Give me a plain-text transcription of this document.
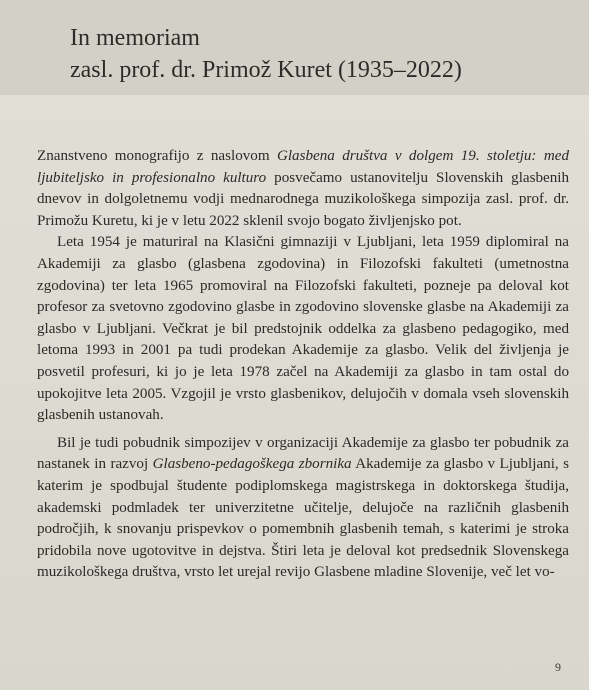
In memoriam
zasl. prof. dr. Primož Kuret (1935–2022)

Znanstveno monografijo z naslovom Glasbena društva v dolgem 19. stoletju: med ljubiteljsko in profesionalno kulturo posvečamo ustanovitelju Slovenskih glasbenih dnevov in dolgoletnemu vodji mednarodnega muzikološkega simpozija zasl. prof. dr. Primožu Kuretu, ki je v letu 2022 sklenil svojo bogato življenjsko pot.

Leta 1954 je maturiral na Klasični gimnaziji v Ljubljani, leta 1959 diplomiral na Akademiji za glasbo (glasbena zgodovina) in Filozofski fakulteti (umetnostna zgodovina) ter leta 1965 promoviral na Filozofski fakulteti, pozneje pa deloval kot profesor za svetovno zgodovino glasbe in zgodovino slovenske glasbe na Akademiji za glasbo v Ljubljani. Večkrat je bil predstojnik oddelka za glasbeno pedagogiko, med letoma 1993 in 2001 pa tudi prodekan Akademije za glasbo. Velik del življenja je posvetil profesuri, ki jo je leta 1978 začel na Akademiji za glasbo in tam ostal do upokojitve leta 2005. Vzgojil je vrsto glasbenikov, delujočih v domala vseh slovenskih glasbenih ustanovah.

Bil je tudi pobudnik simpozijev v organizaciji Akademije za glasbo ter pobudnik za nastanek in razvoj Glasbeno-pedagoškega zbornika Akademije za glasbo v Ljubljani, s katerim je spodbujal študente podiplomskega magistrskega in doktorskega študija, akademski podmladek ter univerzitetne učitelje, delujoče na različnih glasbenih področjih, k snovanju prispevkov o pomembnih glasbenih temah, s katerimi je stroka pridobila nove ugotovitve in dejstva. Štiri leta je deloval kot predsednik Slovenskega muzikološkega društva, vrsto let urejal revijo Glasbene mladine Slovenije, več let vo-

9
